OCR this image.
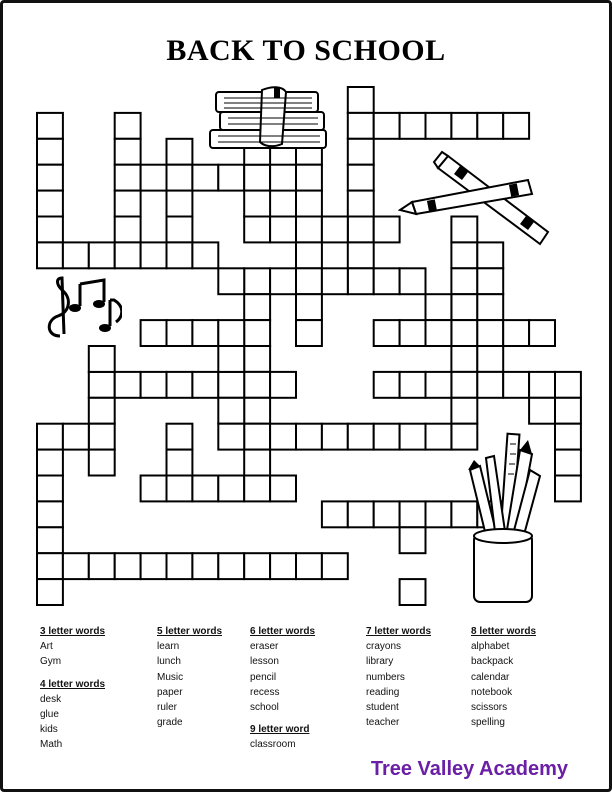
BACK TO SCHOOL
3 letter words
Art
Gym
4 letter words
desk
glue
kids
Math
5 letter words
learn
lunch
Music
paper
ruler
grade
6 letter words
eraser
lesson
pencil
recess
school
9 letter word
classroom
7 letter words
crayons
library
numbers
reading
student
teacher
8 letter words
alphabet
backpack
calendar
notebook
scissors
spelling
Tree Valley Academy
